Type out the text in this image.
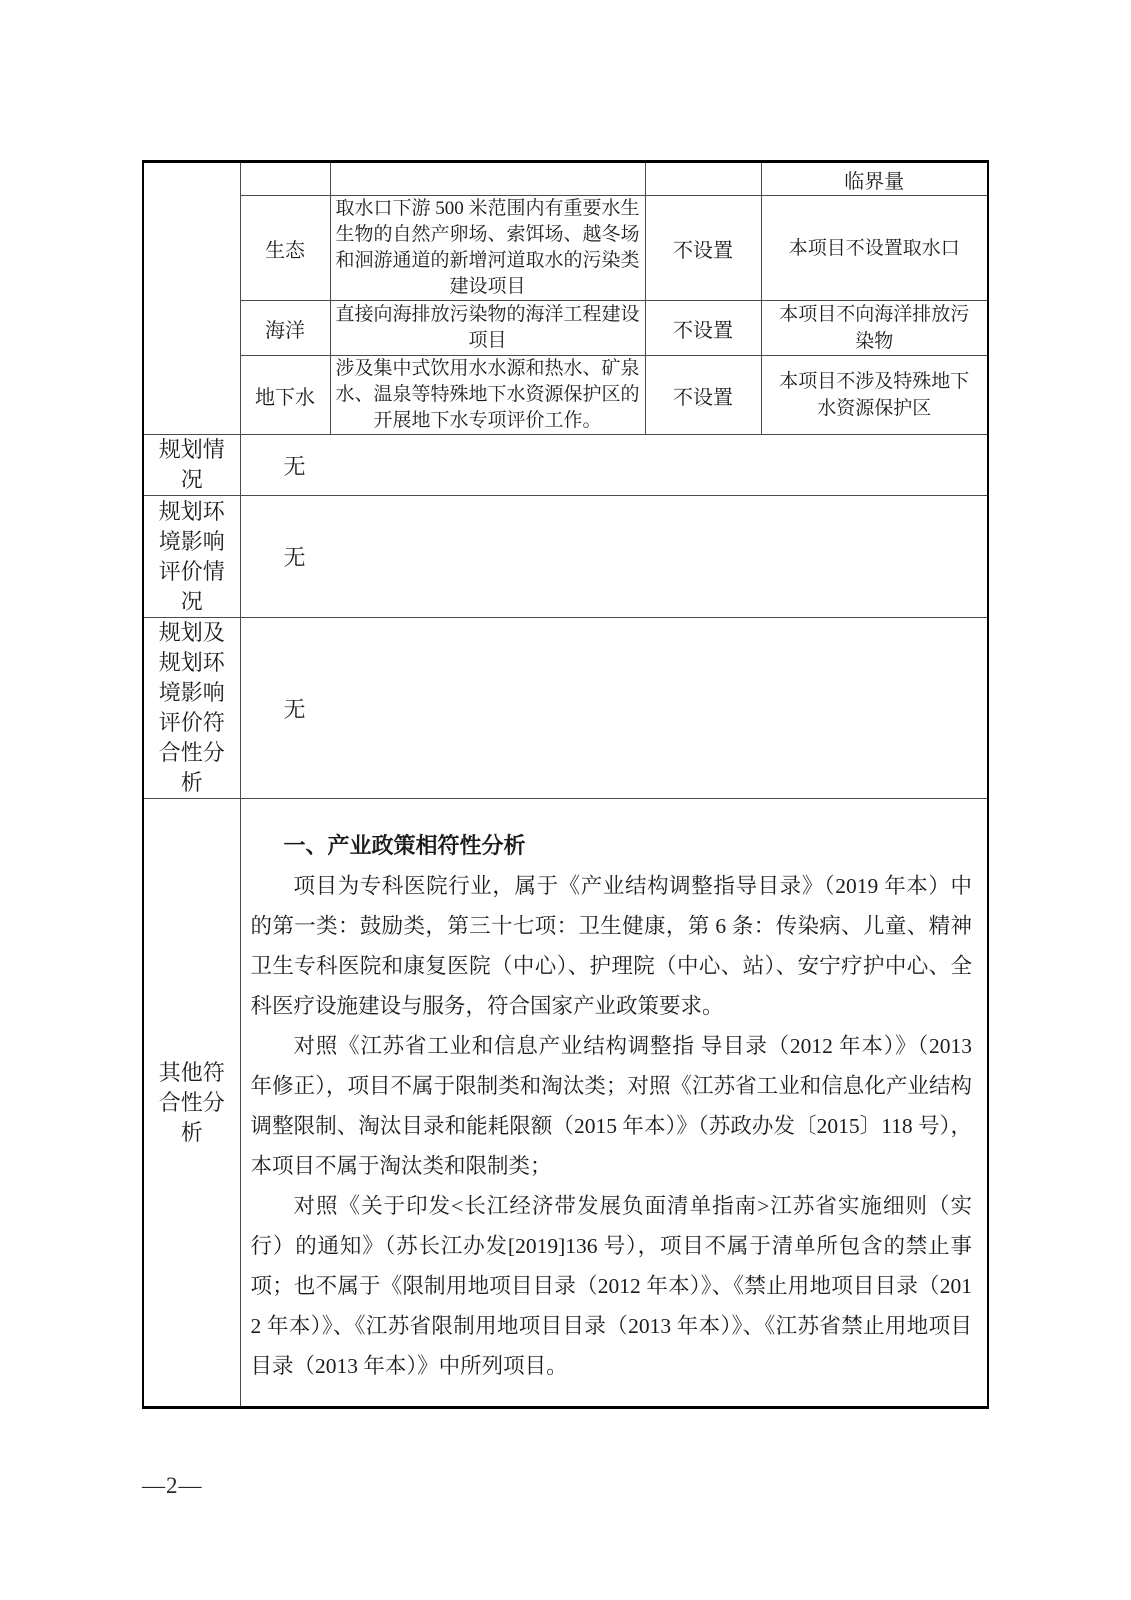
				临界量
	生态	取水口下游 500 米范围内有重要水生生物的自然产卵场、索饵场、越冬场和洄游通道的新增河道取水的污染类建设项目	不设置	本项目不设置取水口
	海洋	直接向海排放污染物的海洋工程建设项目	不设置	本项目不向海洋排放污染物
	地下水	涉及集中式饮用水水源和热水、矿泉水、温泉等特殊地下水资源保护区的开展地下水专项评价工作。	不设置	本项目不涉及特殊地下水资源保护区
规划情况	无			
规划环境影响评价情况	无			
规划及规划环境影响评价符合性分析	无			
其他符合性分析	一、产业政策相符性分析

项目为专科医院行业，属于《产业结构调整指导目录》（2019 年本）中的第一类：鼓励类，第三十七项：卫生健康，第 6 条：传染病、儿童、精神卫生专科医院和康复医院（中心）、护理院（中心、站）、安宁疗护中心、全科医疗设施建设与服务，符合国家产业政策要求。

对照《江苏省工业和信息产业结构调整指 导目录（2012 年本）》（2013 年修正），项目不属于限制类和淘汰类；对照《江苏省工业和信息化产业结构调整限制、淘汰目录和能耗限额（2015 年本）》（苏政办发〔2015〕118 号），本项目不属于淘汰类和限制类；

对照《关于印发<长江经济带发展负面清单指南>江苏省实施细则（实行）的通知》（苏长江办发[2019]136 号），项目不属于清单所包含的禁止事项；也不属于《限制用地项目目录（2012 年本）》、《禁止用地项目目录（2012 年本）》、《江苏省限制用地项目目录（2013 年本）》、《江苏省禁止用地项目目录（2013 年本）》中所列项目。			

—2—
